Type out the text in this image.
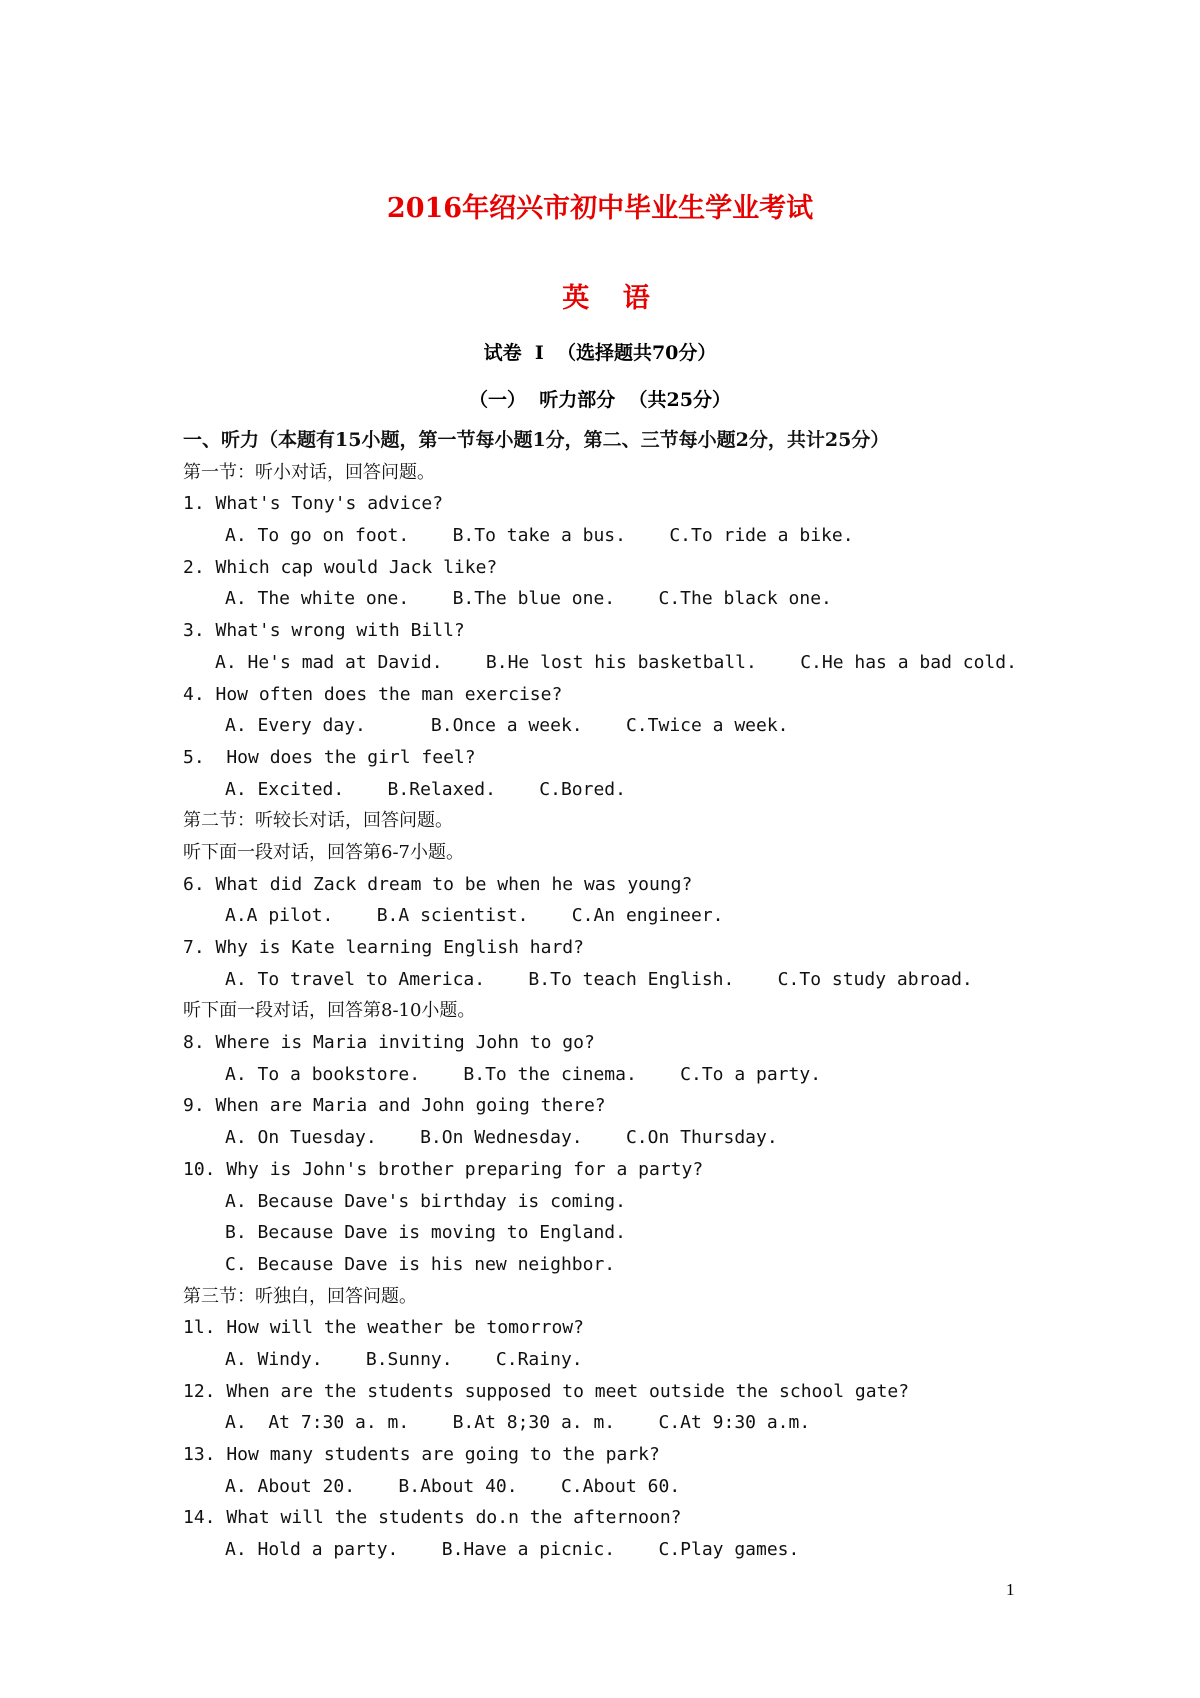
2016年绍兴市初中毕业生学业考试
英 语
试卷  Ⅰ  （选择题共70分）
（一）  听力部分  （共25分）
一、听力（本题有15小题，第一节每小题1分，第二、三节每小题2分，共计25分）
第一节：听小对话，回答问题。
1. What's Tony's advice?
A. To go on foot.    B.To take a bus.    C.To ride a bike.
2. Which cap would Jack like?
A. The white one.    B.The blue one.    C.The black one.
3. What's wrong with Bill?
A. He's mad at David.    B.He lost his basketball.    C.He has a bad cold.
4. How often does the man exercise?
A. Every day.      B.Once a week.    C.Twice a week.
5.  How does the girl feel?
A. Excited.    B.Relaxed.    C.Bored.
第二节：听较长对话，回答问题。
听下面一段对话，回答第6-7小题。
6. What did Zack dream to be when he was young?
A.A pilot.    B.A scientist.    C.An engineer.
7. Why is Kate learning English hard?
A. To travel to America.    B.To teach English.    C.To study abroad.
听下面一段对话，回答第8-10小题。
8. Where is Maria inviting John to go?
A. To a bookstore.    B.To the cinema.    C.To a party.
9. When are Maria and John going there?
A. On Tuesday.    B.On Wednesday.    C.On Thursday.
10. Why is John's brother preparing for a party?
A. Because Dave's birthday is coming.
B. Because Dave is moving to England.
C. Because Dave is his new neighbor.
第三节：听独白，回答问题。
1l. How will the weather be tomorrow?
A. Windy.    B.Sunny.    C.Rainy.
12. When are the students supposed to meet outside the school gate?
A.  At 7:30 a. m.    B.At 8;30 a. m.    C.At 9:30 a.m.
13. How many students are going to the park?
A. About 20.    B.About 40.    C.About 60.
14. What will the students do.n the afternoon?
A. Hold a party.    B.Have a picnic.    C.Play games.
1
